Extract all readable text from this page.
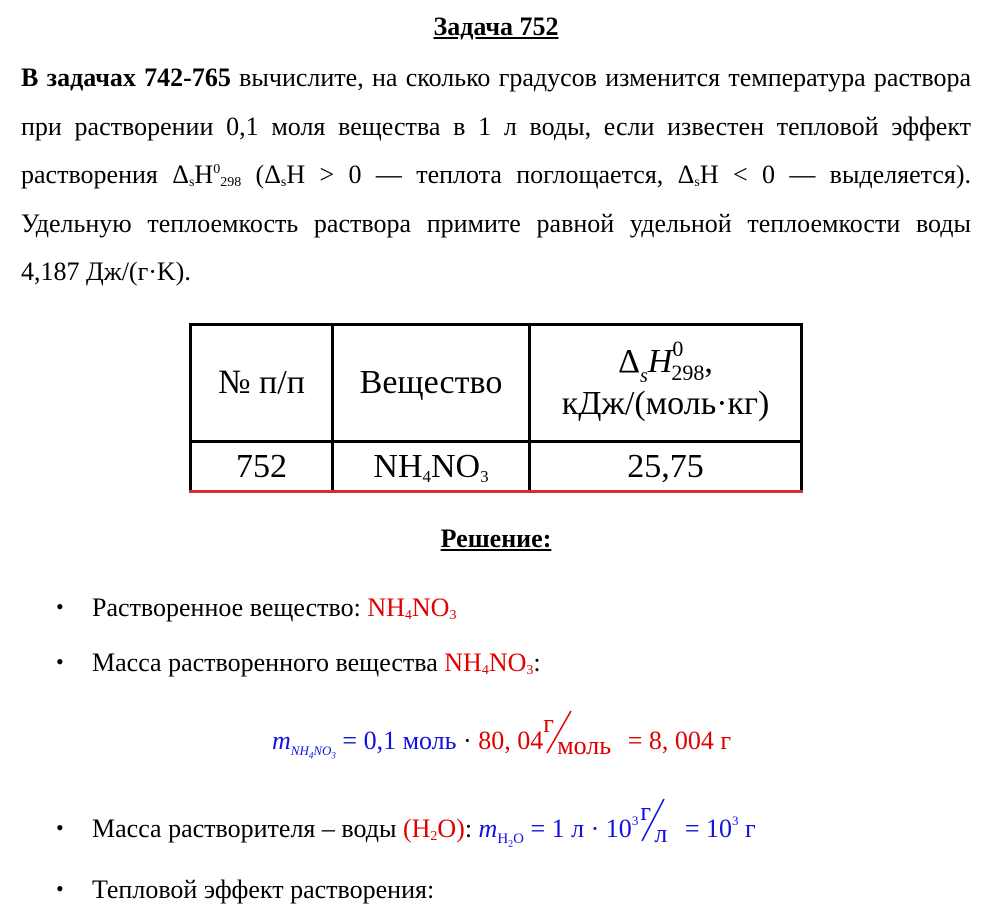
Задача 752
В задачах 742-765 вычислите, на сколько градусов изменится температура раствора при растворении 0,1 моля вещества в 1 л воды, если известен тепловой эффект растворения $\Delta_sH^0_{298}$ ($\Delta_sH > 0$ — теплота поглощается, $\Delta_sH < 0$ — выделяется). Удельную теплоемкость раствора примите равной удельной теплоемкости воды 4,187 Дж/(г·K).
№ п/п	Вещество	$\Delta_sH^0_{298}$,
кДж/(моль·кг)

752	$NH_4NO_3$	25,75
Решение:
• Растворенное вещество: $NH_4NO_3$
• Масса растворенного вещества $NH_4NO_3$:
$m_{NH_4NO_3} = 0,1$ моль · 80, 04
г
моль = 8, 004 г
• Масса растворителя – воды $(H_2O)$: $m_{H_2O} = 1$ $л \cdot 10^3$ г
$л = 10^3$ г
• Тепловой эффект растворения:
